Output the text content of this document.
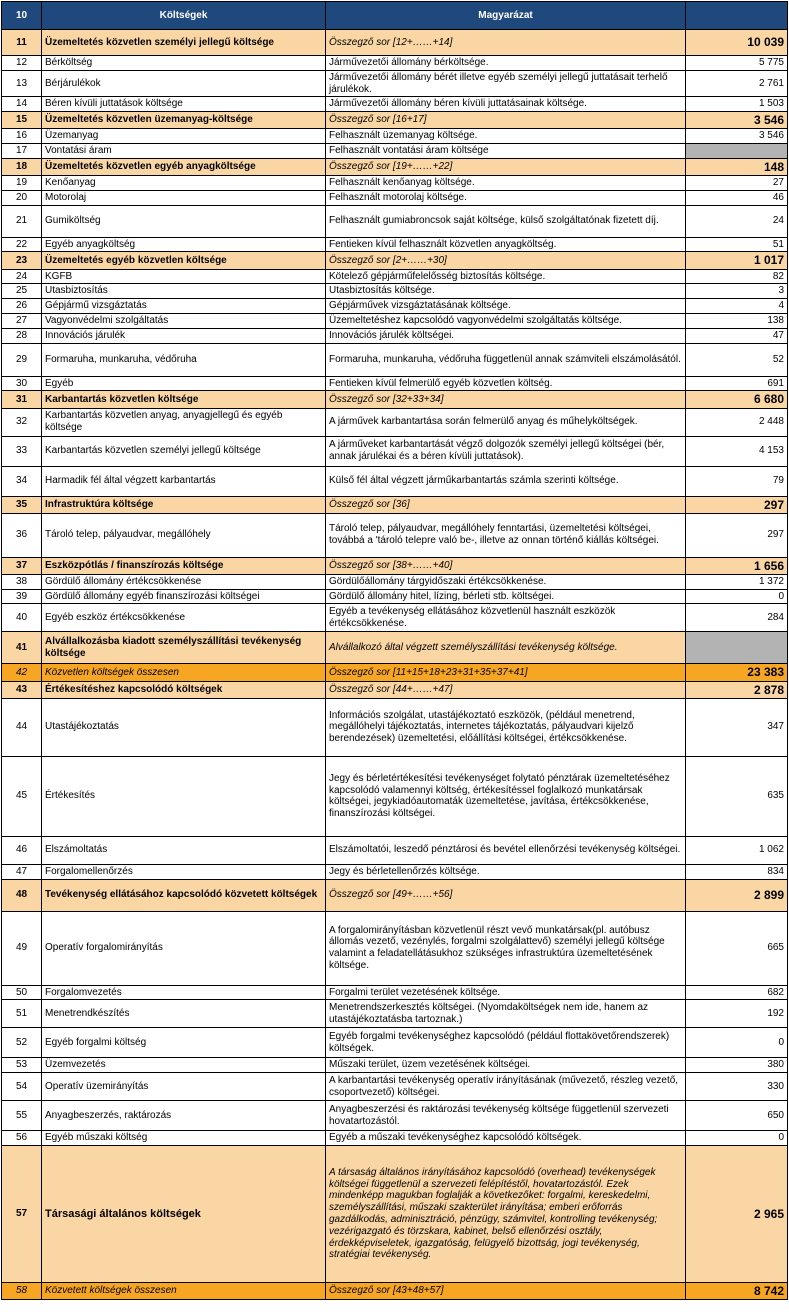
10	Költségek	Magyarázat	
11	Üzemeltetés közvetlen személyi jellegű költsége	Összegző sor [12+……+14]	10 039
12	Bérköltség	Járművezetői állomány bérköltsége.	5 775
13	Bérjárulékok	Járművezetői állomány bérét illetve egyéb személyi jellegű juttatásait terhelő járulékok.	2 761
14	Béren kívüli juttatások költsége	Járművezetői állomány béren kívüli juttatásainak költsége.	1 503
15	Üzemeltetés közvetlen üzemanyag-költsége	Összegző sor [16+17]	3 546
16	Üzemanyag	Felhasznált üzemanyag költsége.	3 546
17	Vontatási áram	Felhasznált vontatási áram költsége	
18	Üzemeltetés közvetlen egyéb anyagköltsége	Összegző sor [19+……+22]	148
19	Kenőanyag	Felhasznált kenőanyag költsége.	27
20	Motorolaj	Felhasznált motorolaj költsége.	46
21	Gumiköltség	Felhasznált gumiabroncsok saját költsége, külső szolgáltatónak fizetett díj.	24
22	Egyéb anyagköltség	Fentieken kívül felhasznált közvetlen anyagköltség.	51
23	Üzemeltetés egyéb közvetlen költsége	Összegző sor [2+……+30]	1 017
24	KGFB	Kötelező gépjárműfelelősség biztosítás költsége.	82
25	Utasbiztosítás	Utasbiztosítás költsége.	3
26	Gépjármű vizsgáztatás	Gépjárművek vizsgáztatásának költsége.	4
27	Vagyonvédelmi szolgáltatás	Üzemeltetéshez kapcsolódó vagyonvédelmi szolgáltatás költsége.	138
28	Innovációs járulék	Innovációs járulék költségei.	47
29	Formaruha, munkaruha, védőruha	Formaruha, munkaruha, védőruha függetlenül annak számviteli elszámolásától.	52
30	Egyéb	Fentieken kívül felmerülő egyéb közvetlen költség.	691
31	Karbantartás közvetlen költsége	Összegző sor [32+33+34]	6 680
32	Karbantartás közvetlen anyag, anyagjellegű és egyéb költsége	A járművek karbantartása során felmerülő anyag és műhelyköltségek.	2 448
33	Karbantartás közvetlen személyi jellegű költsége	A járműveket karbantartását végző dolgozók személyi jellegű költségei (bér, annak járulékai és a béren kívüli juttatások).	4 153
34	Harmadik fél által végzett karbantartás	Külső fél által végzett járműkarbantartás számla szerinti költsége.	79
35	Infrastruktúra költsége	Összegző sor [36]	297
36	Tároló telep, pályaudvar, megállóhely	Tároló telep, pályaudvar, megállóhely fenntartási, üzemeltetési költségei, továbbá a 'tároló telepre való be-, illetve az onnan történő kiállás költségei.	297
37	Eszközpótlás / finanszírozás költsége	Összegző sor [38+……+40]	1 656
38	Gördülő állomány értékcsökkenése	Gördülőállomány tárgyidőszaki értékcsökkenése.	1 372
39	Gördülő állomány egyéb finanszírozási költségei	Gördülő állomány hitel, lízing, bérleti stb. költségei.	0
40	Egyéb eszköz értékcsökkenése	Egyéb a tevékenység ellátásához közvetlenül használt eszközök értékcsökkenése.	284
41	Alvállalkozásba kiadott személyszállítási tevékenység költsége	Alvállalkozó által végzett személyszállítási tevékenység költsége.	
42	Közvetlen költségek összesen	Összegző sor [11+15+18+23+31+35+37+41]	23 383
43	Értékesítéshez kapcsolódó költségek	Összegző sor [44+……+47]	2 878
44	Utastájékoztatás	Információs szolgálat, utastájékoztató eszközök, (például menetrend, megállóhelyi tájékoztatás, internetes tájékoztatás, pályaudvari kijelző berendezések) üzemeltetési, előállítási költségei, értékcsökkenése.	347
45	Értékesítés	Jegy és bérletértékesítési tevékenységet folytató pénztárak üzemeltetéséhez kapcsolódó valamennyi költség, értékesítéssel foglalkozó munkatársak költségei, jegykiadóautomaták üzemeltetése, javítása, értékcsökkenése, finanszírozási költségei.	635
46	Elszámoltatás	Elszámoltatói, leszedő pénztárosi és bevétel ellenőrzési tevékenység költségei.	1 062
47	Forgalomellenőrzés	Jegy és bérletellenőrzés költsége.	834
48	Tevékenység ellátásához kapcsolódó közvetett költségek	Összegző sor [49+……+56]	2 899
49	Operatív forgalomirányítás	A forgalomirányításban közvetlenül részt vevő munkatársak(pl. autóbusz állomás vezető, vezénylés, forgalmi szolgálattevő) személyi jellegű költsége valamint a feladatellátásukhoz szükséges infrastruktúra üzemeltetésének költsége.	665
50	Forgalomvezetés	Forgalmi terület vezetésének költsége.	682
51	Menetrendkészítés	Menetrendszerkesztés költségei. (Nyomdaköltségek nem ide, hanem az utastájékoztatásba tartoznak.)	192
52	Egyéb forgalmi költség	Egyéb forgalmi tevékenységhez kapcsolódó (például flottakövetőrendszerek) költségek.	0
53	Üzemvezetés	Műszaki terület, üzem vezetésének költségei.	380
54	Operatív üzemirányítás	A karbantartási tevékenység operatív irányításának (művezető, részleg vezető, csoportvezető) költségei.	330
55	Anyagbeszerzés, raktározás	Anyagbeszerzési és raktározási tevékenység költsége függetlenül szervezeti hovatartozástól.	650
56	Egyéb műszaki költség	Egyéb a műszaki tevékenységhez kapcsolódó költségek.	0
57	Társasági általános költségek	A társaság általános irányításához kapcsolódó (overhead) tevékenységek költségei függetlenül a szervezeti felépítéstől, hovatartozástól. Ezek mindenképp magukban foglalják a következőket: forgalmi, kereskedelmi, személyszállítási, műszaki szakterület irányítása; emberi erőforrás gazdálkodás, adminisztráció, pénzügy, számvitel, kontrolling tevékenység; vezérigazgató és törzskara, kabinet, belső ellenőrzési osztály, érdekképviseletek, igazgatóság, felügyelő bizottság, jogi tevékenység, stratégiai tevékenység.	2 965
58	Közvetett költségek összesen	Összegző sor [43+48+57]	8 742
